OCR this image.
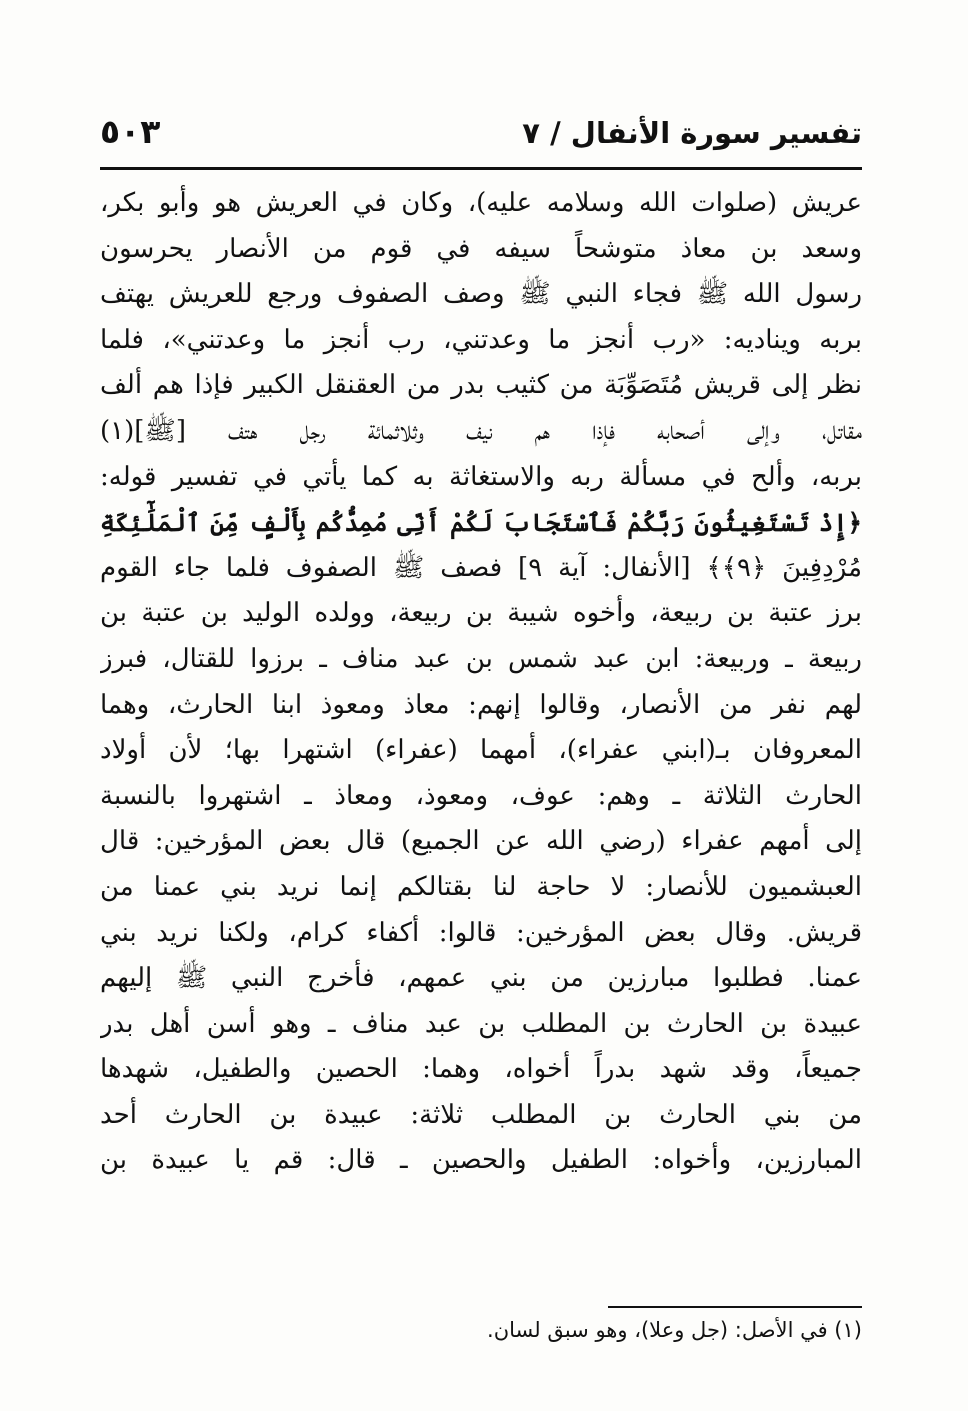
تفسير سورة الأنفال / ٧
٥٠٣
عريش (صلوات الله وسلامه عليه)، وكان في العريش هو وأبو بكر،
وسعد بن معاذ متوشحاً سيفه في قوم من الأنصار يحرسون
رسول الله ﷺ فجاء النبي ﷺ وصف الصفوف ورجع للعريش يهتف
بربه ويناديه: «رب أنجز ما وعدتني، رب أنجز ما وعدتني»، فلما
نظر إلى قريش مُتَصَوِّبَة من كثيب بدر من العقنقل الكبير فإذا هم ألف
مقاتل، وإلى أصحابه فإذا هم نيف وثلاثمائة رجل هتف [ﷺ](١)
بربه، وألح في مسألة ربه والاستغاثة به كما يأتي في تفسير قوله:
﴿إِذْ تَسْتَغِيثُونَ رَبَّكُمْ فَٱسْتَجَابَ لَكُمْ أَنِّى مُمِدُّكُم بِأَلْفٍ مِّنَ ٱلْمَلَٰٓئِكَةِ
مُرْدِفِينَ ﴿٩﴾﴾ [الأنفال: آية ٩] فصف ﷺ الصفوف فلما جاء القوم
برز عتبة بن ربيعة، وأخوه شيبة بن ربيعة، وولده الوليد بن عتبة بن
ربيعة ـ وربيعة: ابن عبد شمس بن عبد مناف ـ برزوا للقتال، فبرز
لهم نفر من الأنصار، وقالوا إنهم: معاذ ومعوذ ابنا الحارث، وهما
المعروفان بـ(ابني عفراء)، أمهما (عفراء) اشتهرا بها؛ لأن أولاد
الحارث الثلاثة ـ وهم: عوف، ومعوذ، ومعاذ ـ اشتهروا بالنسبة
إلى أمهم عفراء (رضي الله عن الجميع) قال بعض المؤرخين: قال
العبشميون للأنصار: لا حاجة لنا بقتالكم إنما نريد بني عمنا من
قريش. وقال بعض المؤرخين: قالوا: أكفاء كرام، ولكنا نريد بني
عمنا. فطلبوا مبارزين من بني عمهم، فأخرج النبي ﷺ إليهم
عبيدة بن الحارث بن المطلب بن عبد مناف ـ وهو أسن أهل بدر
جميعاً، وقد شهد بدراً أخواه، وهما: الحصين والطفيل، شهدها
من بني الحارث بن المطلب ثلاثة: عبيدة بن الحارث أحد
المبارزين، وأخواه: الطفيل والحصين ـ قال: قم يا عبيدة بن
(١) في الأصل: (جل وعلا)، وهو سبق لسان.
